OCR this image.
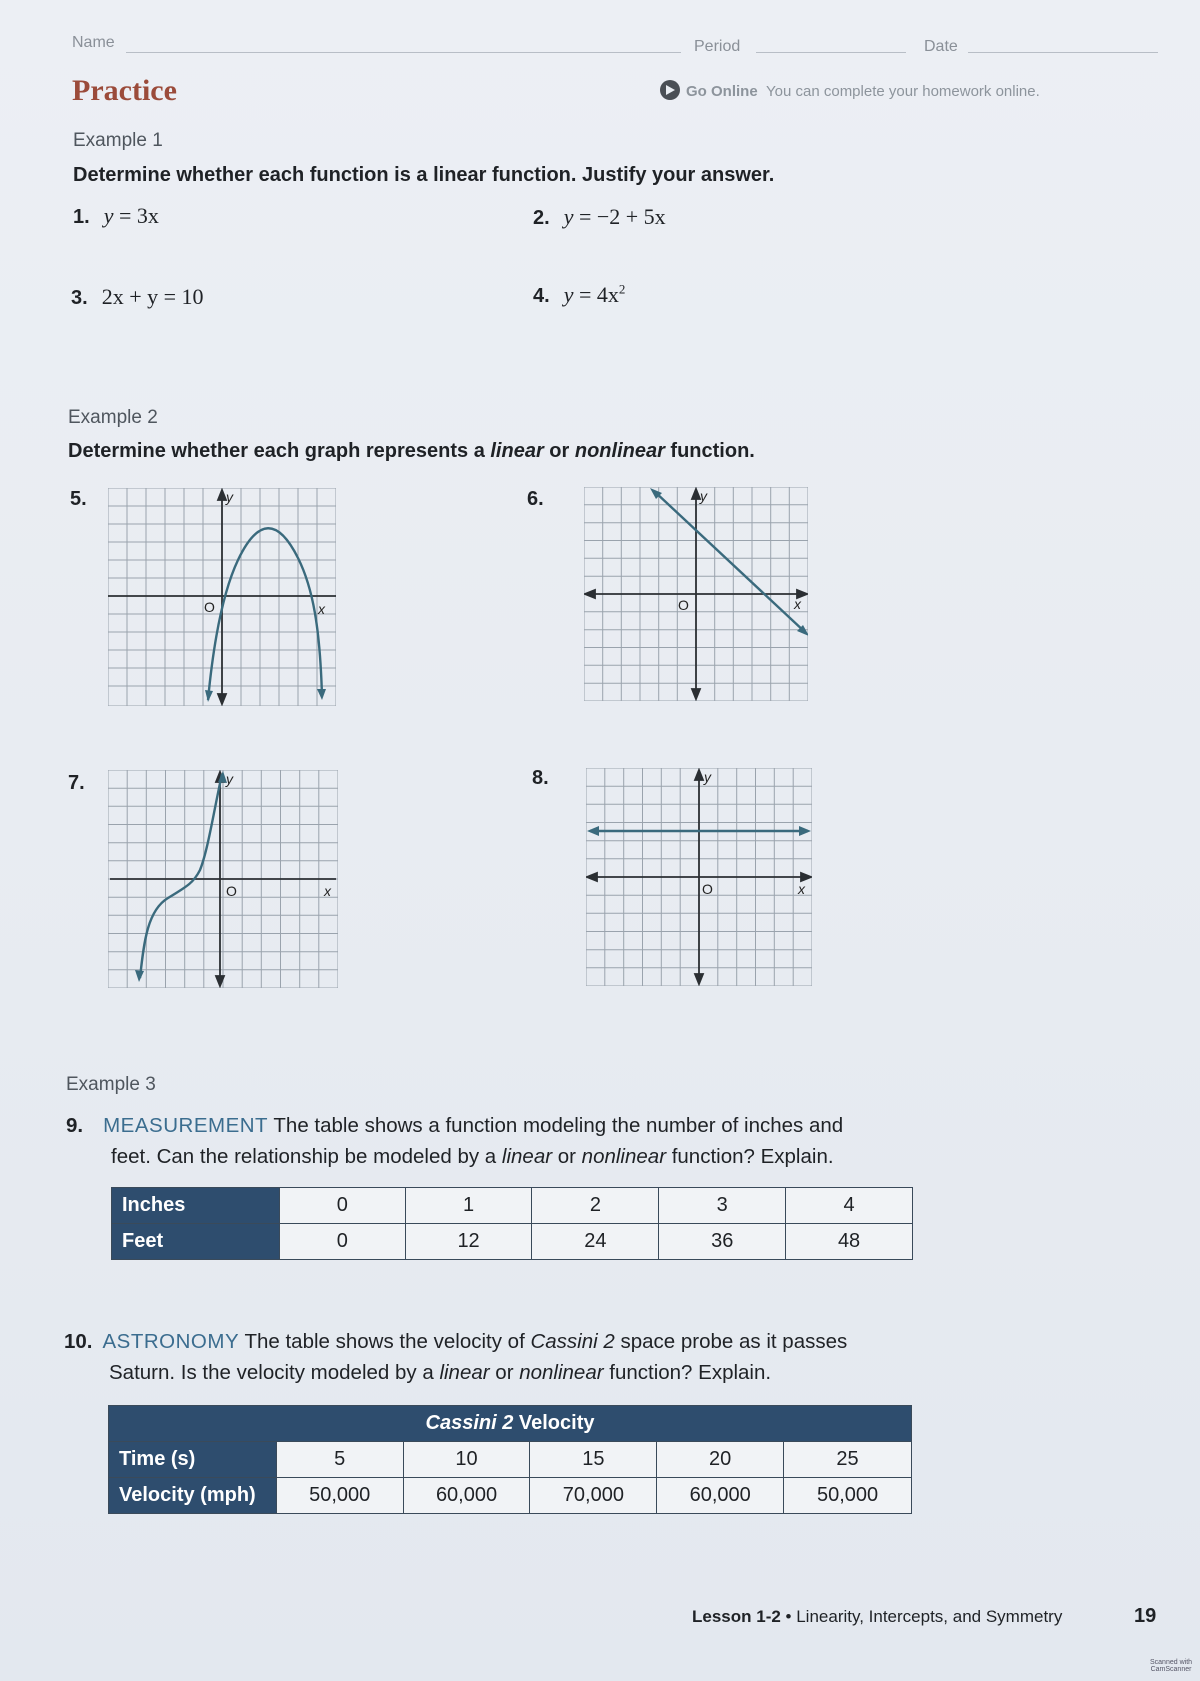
Name	Period	Date
Practice	Go Online You can complete your homework online.
Example 1
Determine whether each function is a linear function. Justify your answer.
1. y = 3x	2. y = −2 + 5x
3. 2x + y = 10	4. $y = 4x^2$
Example 2
Determine whether each graph represents a linear or nonlinear function.
5.	6.
7.	8.
y
x
O
y
x
O
y
x
O
y
x
O
Example 3
9. MEASUREMENT The table shows a function modeling the number of inches and
feet. Can the relationship be modeled by a linear or nonlinear function? Explain.
Inches	0	1	2	3	4
Feet	0	12	24	36	48
10. ASTRONOMY The table shows the velocity of Cassini 2 space probe as it passes
Saturn. Is the velocity modeled by a linear or nonlinear function? Explain.
Cassini 2 Velocity					
Time (s)	5	10	15	20	25
Velocity (mph)	50,000	60,000	70,000	60,000	50,000
Lesson 1-2 • Linearity, Intercepts, and Symmetry	19
Scanned with
CamScanner
